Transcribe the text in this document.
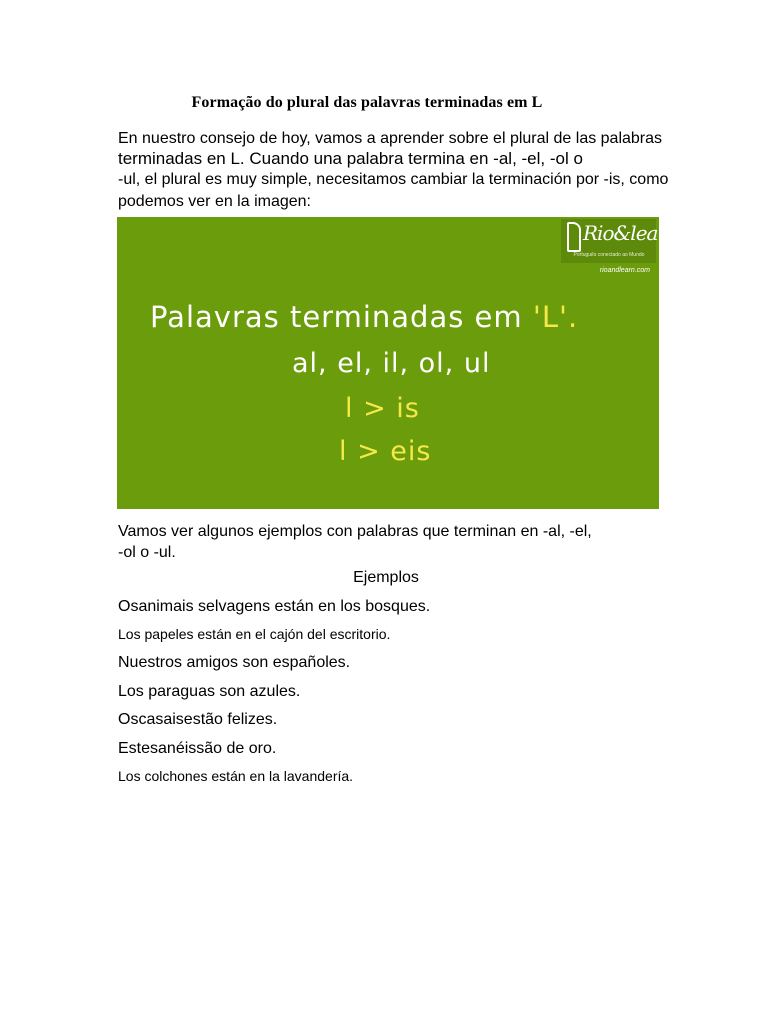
Formação do plural das palavras terminadas em L
En nuestro consejo de hoy, vamos a aprender sobre el plural de las palabras
terminadas en L. Cuando una palabra termina en -al, -el, -ol o
-ul, el plural es muy simple, necesitamos cambiar la terminación por -is, como
podemos ver en la imagen:
Rio&learn
Português conectado ao Mundo
rioandlearn.com
Palavras terminadas em 'L'.
al, el, il, ol, ul
l > is
l > eis
Vamos ver algunos ejemplos con palabras que terminan en -al, -el,
-ol o -ul.
Ejemplos
Osanimais selvagens están en los bosques.
Los papeles están en el cajón del escritorio.
Nuestros amigos son españoles.
Los paraguas son azules.
Oscasaisestão felizes.
Estesanéissão de oro.
Los colchones están en la lavandería.
